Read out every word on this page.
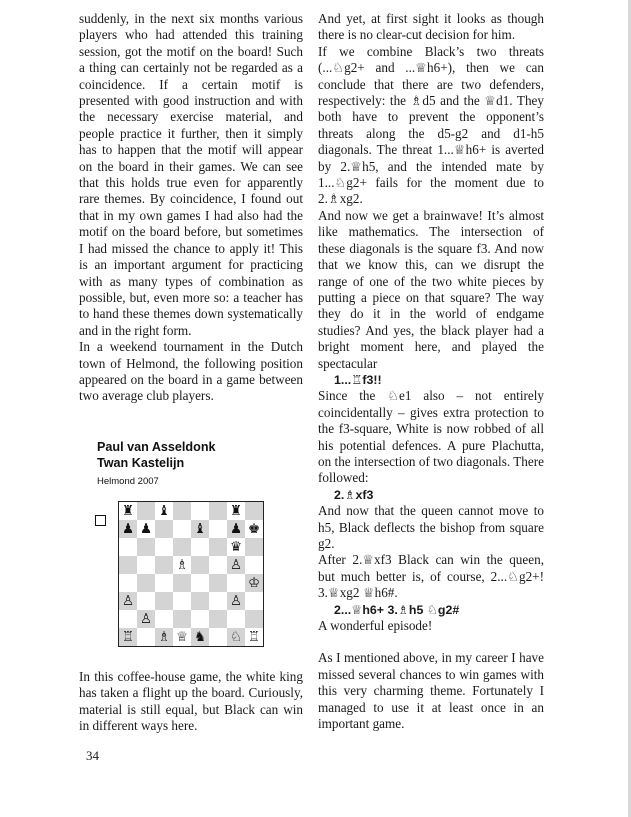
suddenly, in the next six months various players who had attended this training session, got the motif on the board! Such a thing can certainly not be regarded as a coincidence. If a certain motif is presented with good instruction and with the necessary exercise material, and people practice it further, then it simply has to happen that the motif will appear on the board in their games. We can see that this holds true even for apparently rare themes. By coincidence, I found out that in my own games I had also had the motif on the board before, but sometimes I had missed the chance to apply it! This is an important argument for practicing with as many types of combination as possible, but, even more so: a teacher has to hand these themes down systematically and in the right form.

In a weekend tournament in the Dutch town of Helmond, the following position appeared on the board in a game between two average club players.

Paul van Asseldonk
Twan Kastelijn
Helmond 2007
♜ ♝	♜
♟ ♟	♝ ♟ ♚
♛
♗	♙
♔
♙	♙
♙
♖ ♗ ♕ ♞ ♘ ♖

In this coffee-house game, the white king has taken a flight up the board. Curiously, material is still equal, but Black can win in different ways here.

And yet, at first sight it looks as though there is no clear-cut decision for him.

If we combine Black’s two threats (...♘g2+ and ...♕h6+), then we can conclude that there are two defenders, respectively: the ♗d5 and the ♕d1. They both have to prevent the opponent’s threats along the d5-g2 and d1-h5 diagonals. The threat 1...♕h6+ is averted by 2.♕h5, and the intended mate by 1...♘g2+ fails for the moment due to 2.♗xg2.

And now we get a brainwave! It’s almost like mathematics. The intersection of these diagonals is the square f3. And now that we know this, can we disrupt the range of one of the two white pieces by putting a piece on that square? The way they do it in the world of endgame studies? And yes, the black player had a bright moment here, and played the spectacular

1...♖f3!!

Since the ♘e1 also – not entirely coincidentally – gives extra protection to the f3-square, White is now robbed of all his potential defences. A pure Plachutta, on the intersection of two diagonals. There followed:

2.♗xf3

And now that the queen cannot move to h5, Black deflects the bishop from square g2.

After 2.♕xf3 Black can win the queen, but much better is, of course, 2...♘g2+! 3.♕xg2 ♕h6#.

2...♕h6+ 3.♗h5 ♘g2#

A wonderful episode!

As I mentioned above, in my career I have missed several chances to win games with this very charming theme. Fortunately I managed to use it at least once in an important game.

34
